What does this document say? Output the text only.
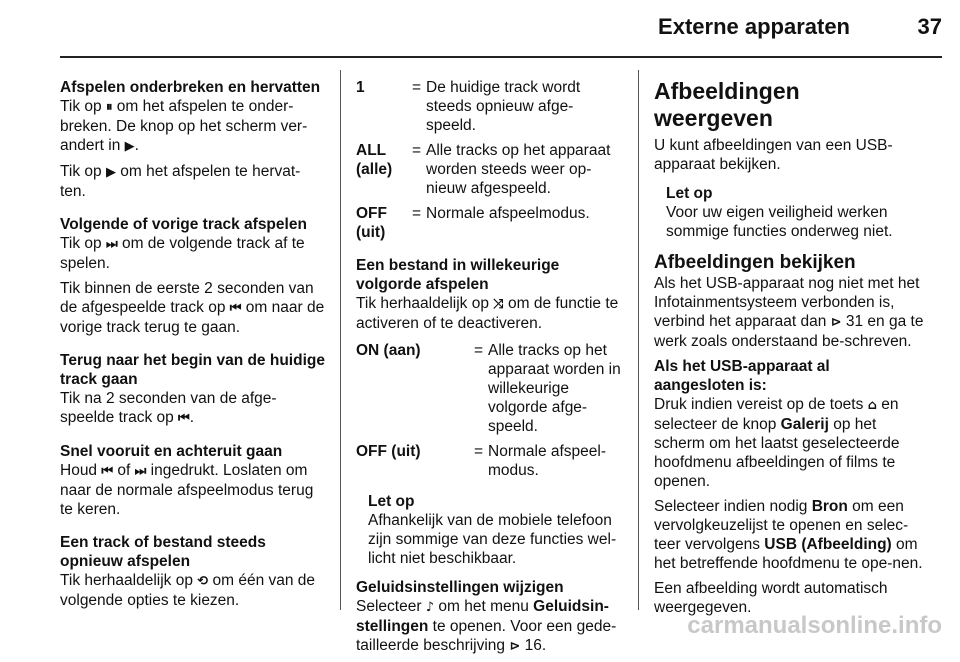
Externe apparaten	37

Afspelen onderbreken en hervatten

Tik op ⏸ om het afspelen te onder-breken. De knop op het scherm ver-andert in ▶.

Tik op ▶ om het afspelen te hervat-ten.

Volgende of vorige track afspelen

Tik op ⏭ om de volgende track af te spelen.

Tik binnen de eerste 2 seconden van de afgespeelde track op ⏮ om naar de vorige track terug te gaan.

Terug naar het begin van de huidige track gaan

Tik na 2 seconden van de afge-speelde track op ⏮.

Snel vooruit en achteruit gaan

Houd ⏮ of ⏭ ingedrukt. Loslaten om naar de normale afspeelmodus terug te keren.

Een track of bestand steeds opnieuw afspelen

Tik herhaaldelijk op ⟲ om één van de volgende opties te kiezen.

1	= De huidige track wordt steeds opnieuw afge-speeld.
ALL (alle)
= Alle tracks op het apparaat worden steeds weer op-nieuw afgespeeld.
OFF (uit)
= Normale afspeelmodus.

Een bestand in willekeurige volgorde afspelen

Tik herhaaldelijk op ⤨ om de functie te activeren of te deactiveren.

ON (aan)	= Alle tracks op het apparaat worden in willekeurige volgorde afge-speeld.
OFF (uit)	= Normale afspeel-modus.

Let op

Afhankelijk van de mobiele telefoon zijn sommige van deze functies wel-licht niet beschikbaar.

Geluidsinstellingen wijzigen

Selecteer ♪ om het menu Geluidsin-stellingen te openen. Voor een gede-tailleerde beschrijving ⊳ 16.

Afbeeldingen weergeven

U kunt afbeeldingen van een USB-apparaat bekijken.

Let op

Voor uw eigen veiligheid werken sommige functies onderweg niet.

Afbeeldingen bekijken

Als het USB-apparaat nog niet met het Infotainmentsysteem verbonden is, verbind het apparaat dan ⊳ 31 en ga te werk zoals onderstaand be-schreven.

Als het USB-apparaat al aangesloten is:

Druk indien vereist op de toets ⌂ en selecteer de knop Galerij op het scherm om het laatst geselecteerde hoofdmenu afbeeldingen of films te openen.

Selecteer indien nodig Bron om een vervolgkeuzelijst te openen en selec-teer vervolgens USB (Afbeelding) om het betreffende hoofdmenu te ope-nen.

Een afbeelding wordt automatisch weergegeven.

carmanualsonline.info
